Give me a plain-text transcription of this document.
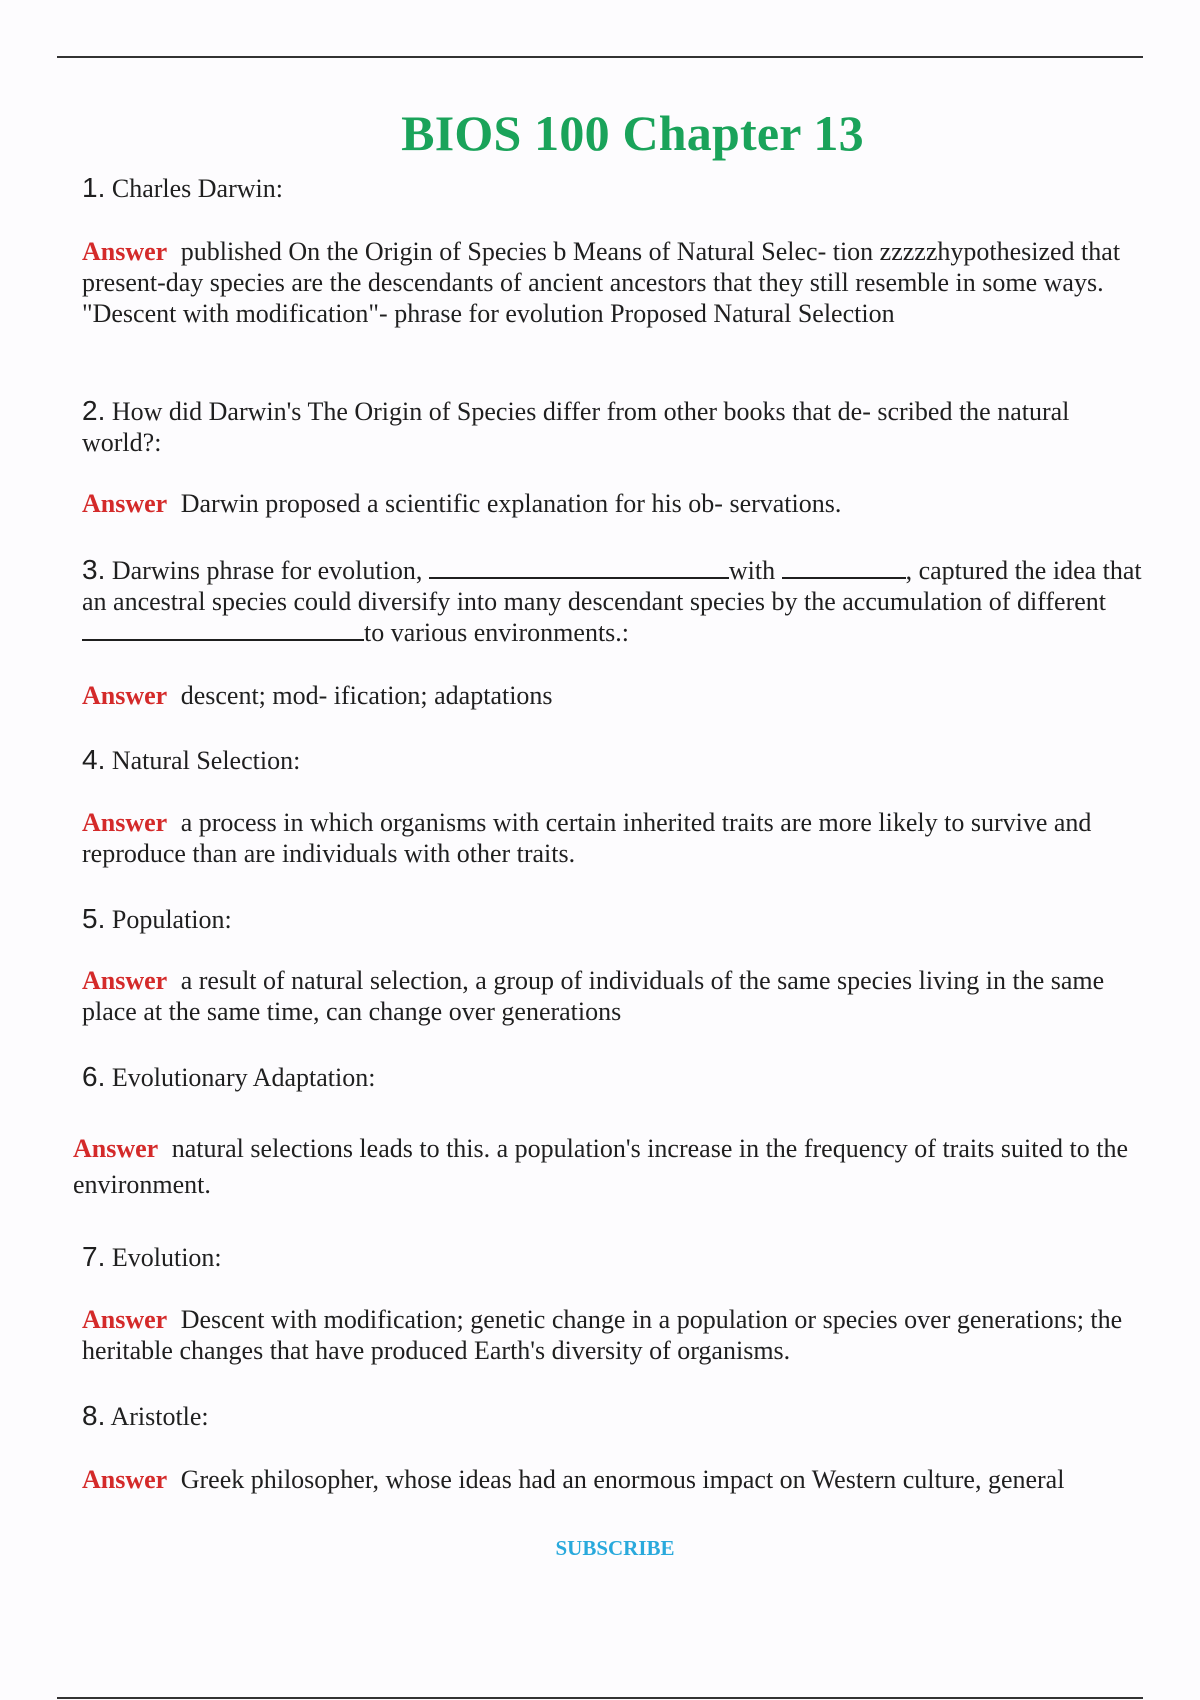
BIOS 100 Chapter 13

1. Charles Darwin:

Answer published On the Origin of Species b Means of Natural Selec- tion zzzzzhypothesized that present-day species are the descendants of ancient ancestors that they still resemble in some ways. "Descent with modification"- phrase for evolution Proposed Natural Selection

2. How did Darwin's The Origin of Species differ from other books that de- scribed the natural world?:

Answer Darwin proposed a scientific explanation for his ob- servations.

3. Darwins phrase for evolution,	with	, captured the idea that an ancestral species could diversify into many descendant species by the accumulation of different to various environments.:

Answer descent; mod- ification; adaptations

4. Natural Selection:

Answer a process in which organisms with certain inherited traits are more likely to survive and reproduce than are individuals with other traits.

5. Population:

Answer a result of natural selection, a group of individuals of the same species living in the same place at the same time, can change over generations

6. Evolutionary Adaptation:

Answer natural selections leads to this. a population's increase in the frequency of traits suited to the environment.

7. Evolution:

Answer Descent with modification; genetic change in a population or species over generations; the heritable changes that have produced Earth's diversity of organisms.

8. Aristotle:

Answer Greek philosopher, whose ideas had an enormous impact on Western culture, general

SUBSCRIBE
